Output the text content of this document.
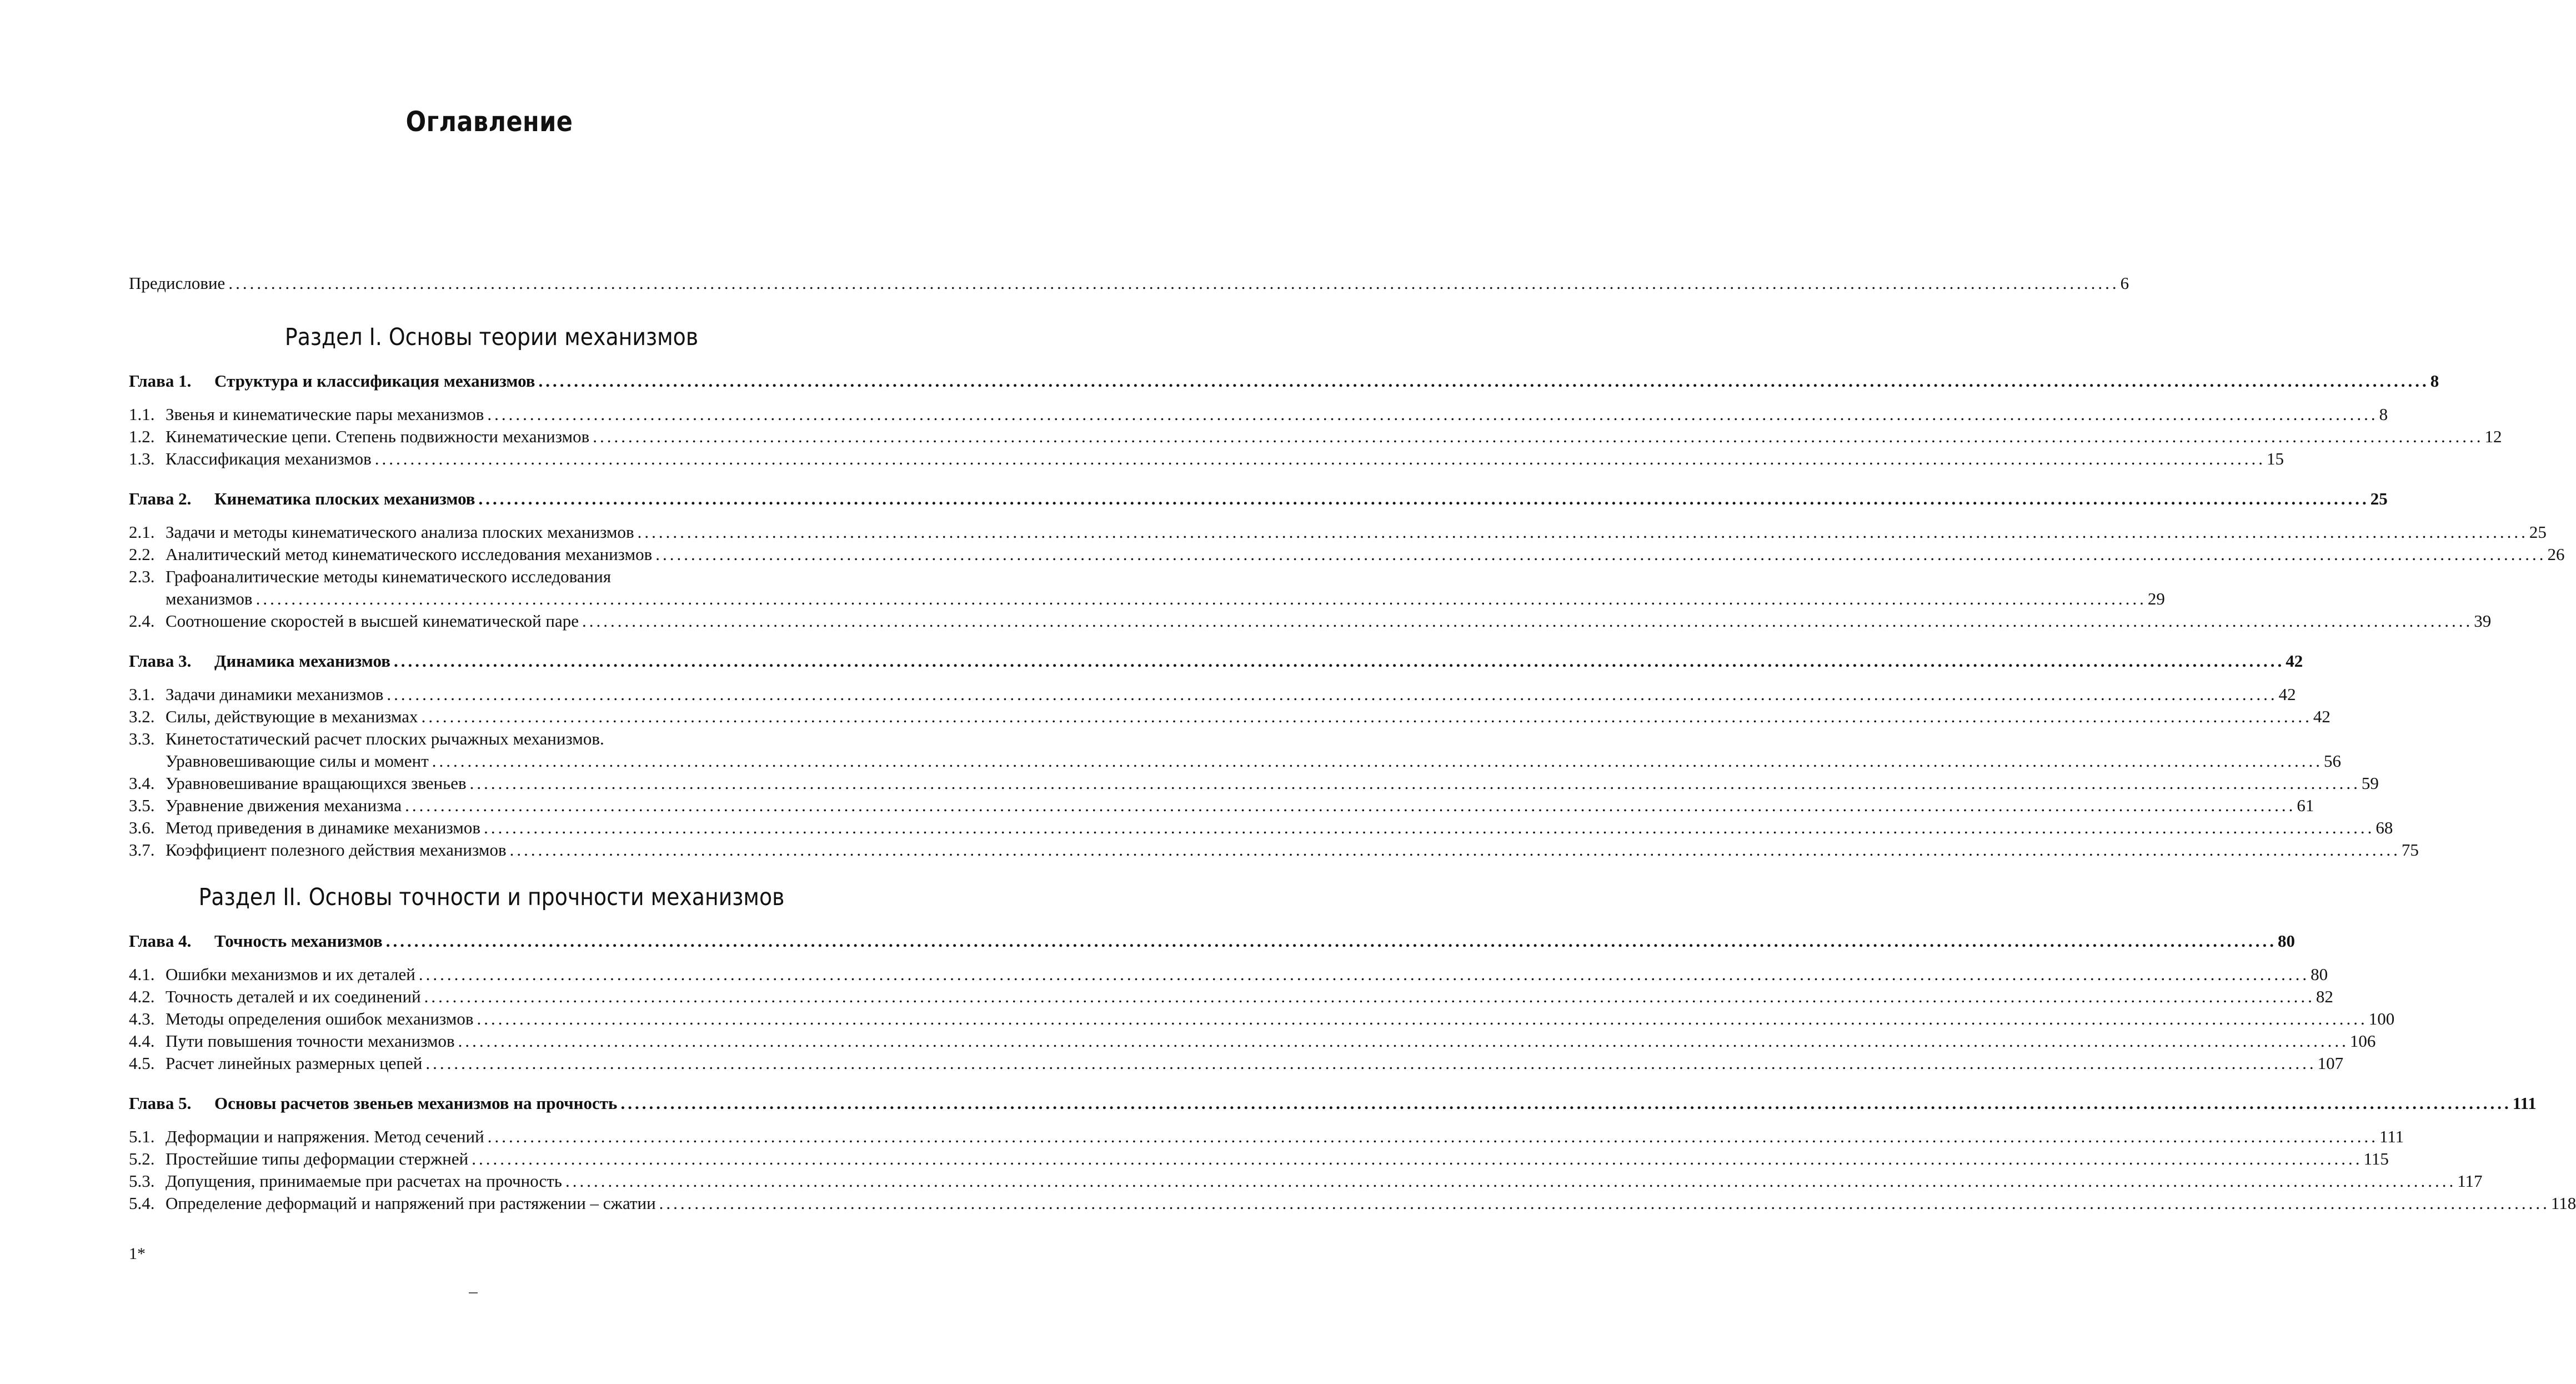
Оглавление
Предисловие .....	6
Раздел I. Основы теории механизмов
Глава 1.	Структура и классификация механизмов .....	8
1.1. Звенья и кинематические пары механизмов .....	8
1.2. Кинематические цепи. Степень подвижности механизмов .....	12
1.3. Классификация механизмов .....	15
Глава 2.	Кинематика плоских механизмов .....	25
2.1. Задачи и методы кинематического анализа плоских механизмов .....	25
2.2. Аналитический метод кинематического исследования механизмов .....	26
2.3. Графоаналитические методы кинематического исследования
механизмов .....	29
2.4. Соотношение скоростей в высшей кинематической паре .....	39
Глава 3.	Динамика механизмов .....	42
3.1. Задачи динамики механизмов .....	42
3.2. Силы, действующие в механизмах .....	42
3.3. Кинетостатический расчет плоских рычажных механизмов.
Уравновешивающие силы и момент .....	56
3.4. Уравновешивание вращающихся звеньев .....	59
3.5. Уравнение движения механизма .....	61
3.6. Метод приведения в динамике механизмов .....	68
3.7. Коэффициент полезного действия механизмов .....	75
Раздел II. Основы точности и прочности механизмов
Глава 4.	Точность механизмов .....	80
4.1. Ошибки механизмов и их деталей .....	80
4.2. Точность деталей и их соединений .....	82
4.3. Методы определения ошибок механизмов .....	100
4.4. Пути повышения точности механизмов .....	106
4.5. Расчет линейных размерных цепей .....	107
Глава 5.	Основы расчетов звеньев механизмов на прочность .....	111
5.1. Деформации и напряжения. Метод сечений .....	111
5.2. Простейшие типы деформации стержней .....	115
5.3. Допущения, принимаемые при расчетах на прочность .....	117
5.4. Определение деформаций и напряжений при растяжении – сжатии .....	118
1*
